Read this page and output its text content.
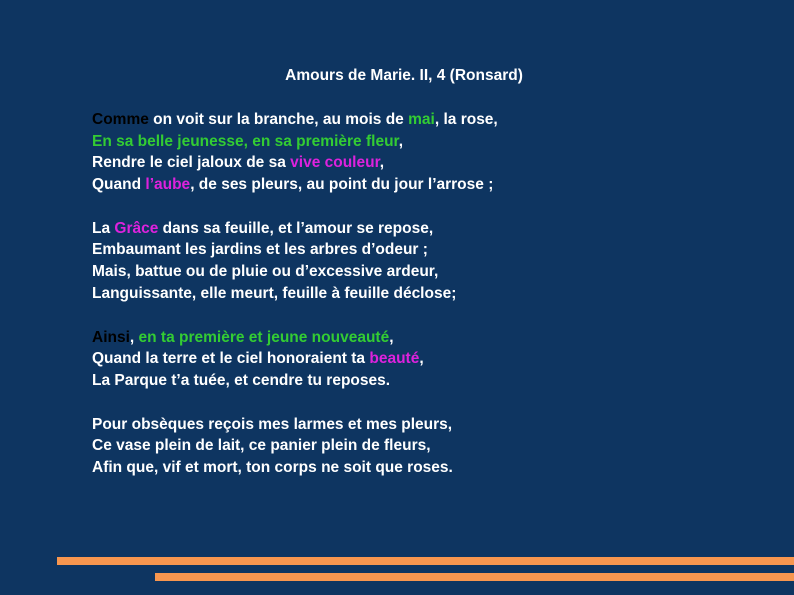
Amours de Marie. II, 4 (Ronsard)
Comme on voit sur la branche, au mois de mai, la rose,
En sa belle jeunesse, en sa première fleur,
Rendre le ciel jaloux de sa vive couleur,
Quand l’aube, de ses pleurs, au point du jour l’arrose ;
La Grâce dans sa feuille, et l’amour se repose,
Embaumant les jardins et les arbres d’odeur ;
Mais, battue ou de pluie ou d’excessive ardeur,
Languissante, elle meurt, feuille à feuille déclose;
Ainsi, en ta première et jeune nouveauté,
Quand la terre et le ciel honoraient ta beauté,
La Parque t’a tuée, et cendre tu reposes.
Pour obsèques reçois mes larmes et mes pleurs,
Ce vase plein de lait, ce panier plein de fleurs,
Afin que, vif et mort, ton corps ne soit que roses.
